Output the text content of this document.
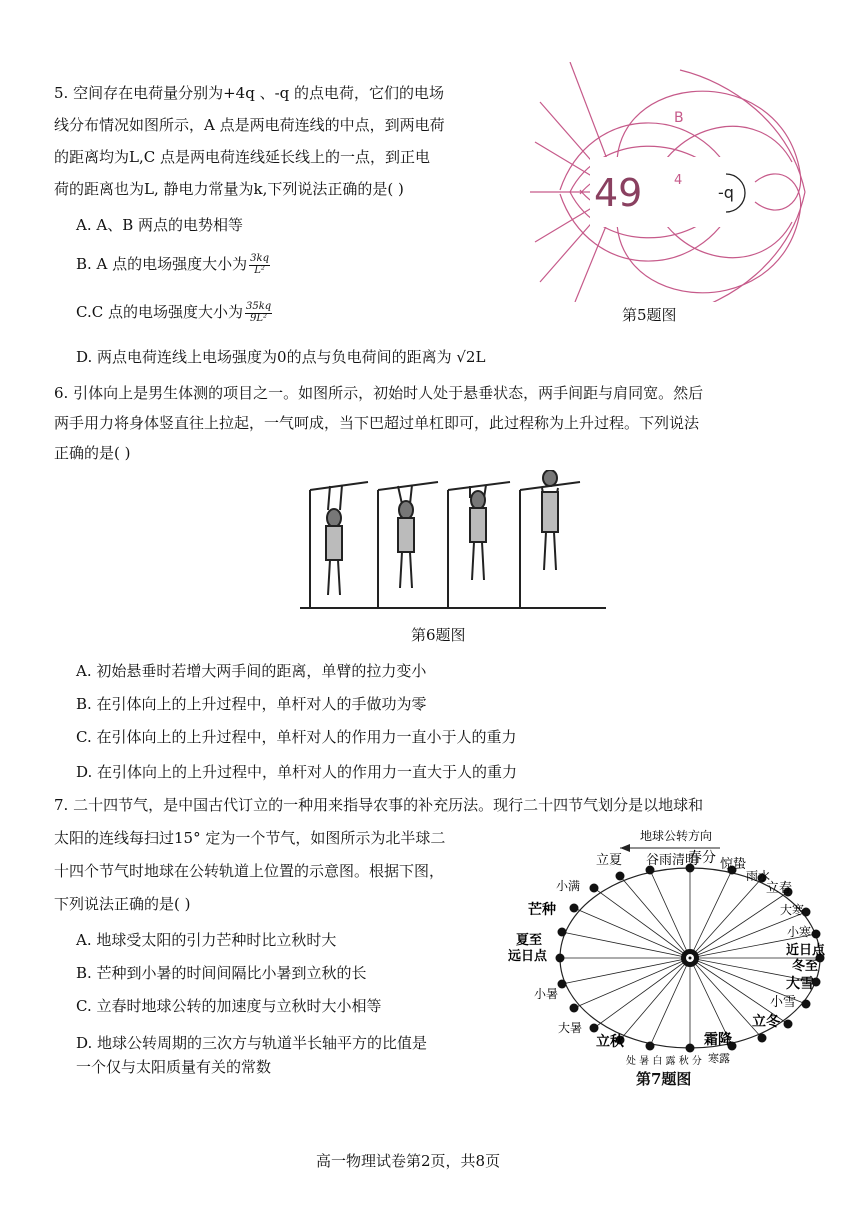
5. 空间存在电荷量分别为+4q 、-q 的点电荷，它们的电场
线分布情况如图所示，A 点是两电荷连线的中点，到两电荷
的距离均为L,C 点是两电荷连线延长线上的一点，到正电
荷的距离也为L, 静电力常量为k,下列说法正确的是( )
A. A、B 两点的电势相等
B. A 点的电场强度大小为 $\frac{3kq}{\text{L²}}$
C.C 点的电场强度大小为 $\frac{35kq}{\text{9L²}}$
D. 两点电荷连线上电场强度为0的点与负电荷间的距离为 √2L
B
49 4
-q
第5题图
6. 引体向上是男生体测的项目之一。如图所示，初始时人处于悬垂状态，两手间距与肩同宽。然后
两手用力将身体竖直往上拉起，一气呵成，当下巴超过单杠即可，此过程称为上升过程。下列说法
正确的是( )
第6题图
A. 初始悬垂时若增大两手间的距离，单臂的拉力变小
B. 在引体向上的上升过程中，单杆对人的手做功为零
C. 在引体向上的上升过程中，单杆对人的作用力一直小于人的重力
D. 在引体向上的上升过程中，单杆对人的作用力一直大于人的重力
7. 二十四节气，是中国古代订立的一种用来指导农事的补充历法。现行二十四节气划分是以地球和
太阳的连线每扫过15° 定为一个节气，如图所示为北半球二
十四个节气时地球在公转轨道上位置的示意图。根据下图，
下列说法正确的是( )
A. 地球受太阳的引力芒种时比立秋时大
B. 芒种到小暑的时间间隔比小暑到立秋的长
C. 立春时地球公转的加速度与立秋时大小相等
D. 地球公转周期的三次方与轨道半长轴平方的比值是
一个仅与太阳质量有关的常数
地球公转方向
立夏 谷雨清明
春分 惊蛰
雨水
立春
小满
大寒
芒种
小寒
夏至
远日点	近日点
冬至
小暑
大雪
小雪
大暑	立冬
立秋	霜降
处 暑 白 露 秋 分 寒露
第7题图
高一物理试卷第2页，共8页
